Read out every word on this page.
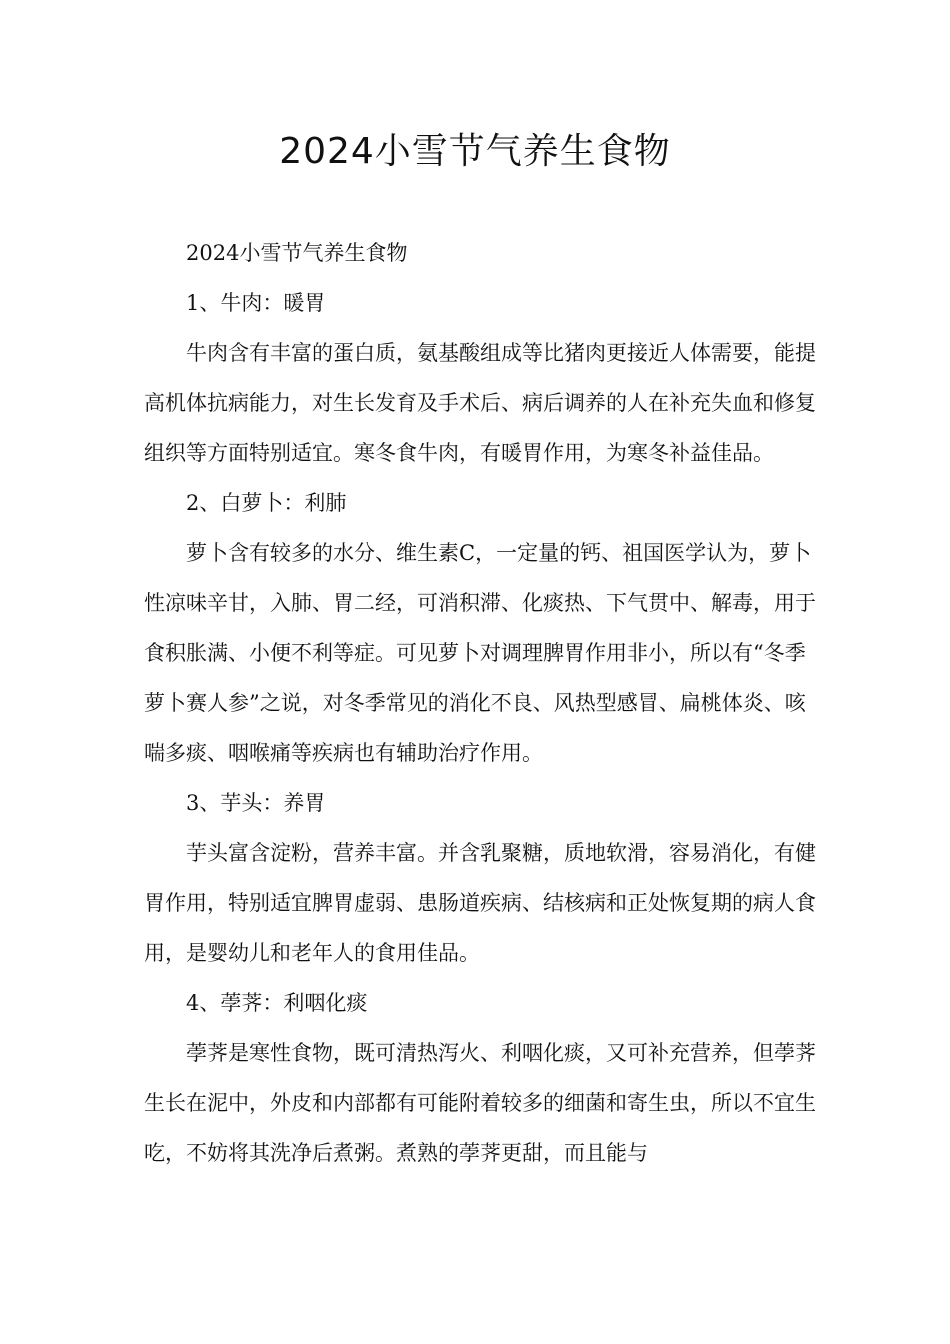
2024小雪节气养生食物

2024小雪节气养生食物

1、牛肉：暖胃

牛肉含有丰富的蛋白质，氨基酸组成等比猪肉更接近人体需要，能提高机体抗病能力，对生长发育及手术后、病后调养的人在补充失血和修复组织等方面特别适宜。寒冬食牛肉，有暖胃作用，为寒冬补益佳品。

2、白萝卜：利肺

萝卜含有较多的水分、维生素C，一定量的钙、祖国医学认为，萝卜性凉味辛甘，入肺、胃二经，可消积滞、化痰热、下气贯中、解毒，用于食积胀满、小便不利等症。可见萝卜对调理脾胃作用非小，所以有“冬季萝卜赛人参”之说，对冬季常见的消化不良、风热型感冒、扁桃体炎、咳喘多痰、咽喉痛等疾病也有辅助治疗作用。

3、芋头：养胃

芋头富含淀粉，营养丰富。并含乳聚糖，质地软滑，容易消化，有健胃作用，特别适宜脾胃虚弱、患肠道疾病、结核病和正处恢复期的病人食用，是婴幼儿和老年人的食用佳品。

4、荸荠：利咽化痰

荸荠是寒性食物，既可清热泻火、利咽化痰，又可补充营养，但荸荠生长在泥中，外皮和内部都有可能附着较多的细菌和寄生虫，所以不宜生吃，不妨将其洗净后煮粥。煮熟的荸荠更甜，而且能与
